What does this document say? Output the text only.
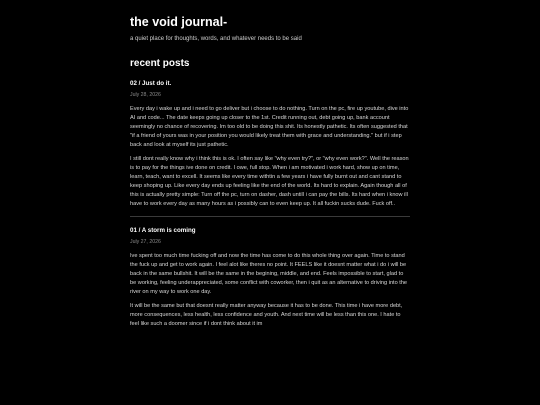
the void journal-

a quiet place for thoughts, words, and whatever needs to be said

recent posts
02 / Just do it.

July 28, 2026

Every day i wake up and i need to go deliver but i choose to do nothing. Turn on the pc, fire up youtube, dive into AI and code... The date keeps going up closer to the 1st. Credit running out, debt going up, bank account seemingly no chance of recovering. Im too old to be doing this shit. Its honestly pathetic. Its often suggested that "if a friend of yours was in your position you would likely treat them with grace and understanding." but if i step back and look at myself its just pathetic.

I still dont really know why i think this is ok. I often say like "why even try?", or "why even work?". Well the reason is to pay for the things ive done on credit. I owe, full stop. When i am motivated i work hard, show up on time, learn, teach, want to excell. It seems like every time withtin a few years i have fully burnt out and cant stand to keep shoping up. Like every day ends up feeling like the end of the world. Its hard to explain. Again though all of this is actually pretty simple: Turn off the pc, turn on dasher, dash untill i can pay the bills. Its hard when i know ill have to work every day as many hours as i possibly can to even keep up. It all fuckin sucks dude. Fuck off..

01 / A storm is coming

July 27, 2026

Ive spent too much time fucking off and now the time has come to do this whole thing over again. Time to stand the fuck up and get to work again. I feel alot like theres no point. It FEELS like it doesnt matter what i do i will be back in the same bullshit. It will be the same in the begining, middle, and end. Feels impossible to start, glad to be working, feeling underappreciated, some conflict with coworker, then i quit as an alternative to driving into the river on my way to work one day.

It will be the same but that doesnt really matter anyway because it has to be done. This time i have more debt, more consequences, less health, less confidence and youth. And next time will be less than this one. I hate to feel like such a doomer since if i dont think about it im
